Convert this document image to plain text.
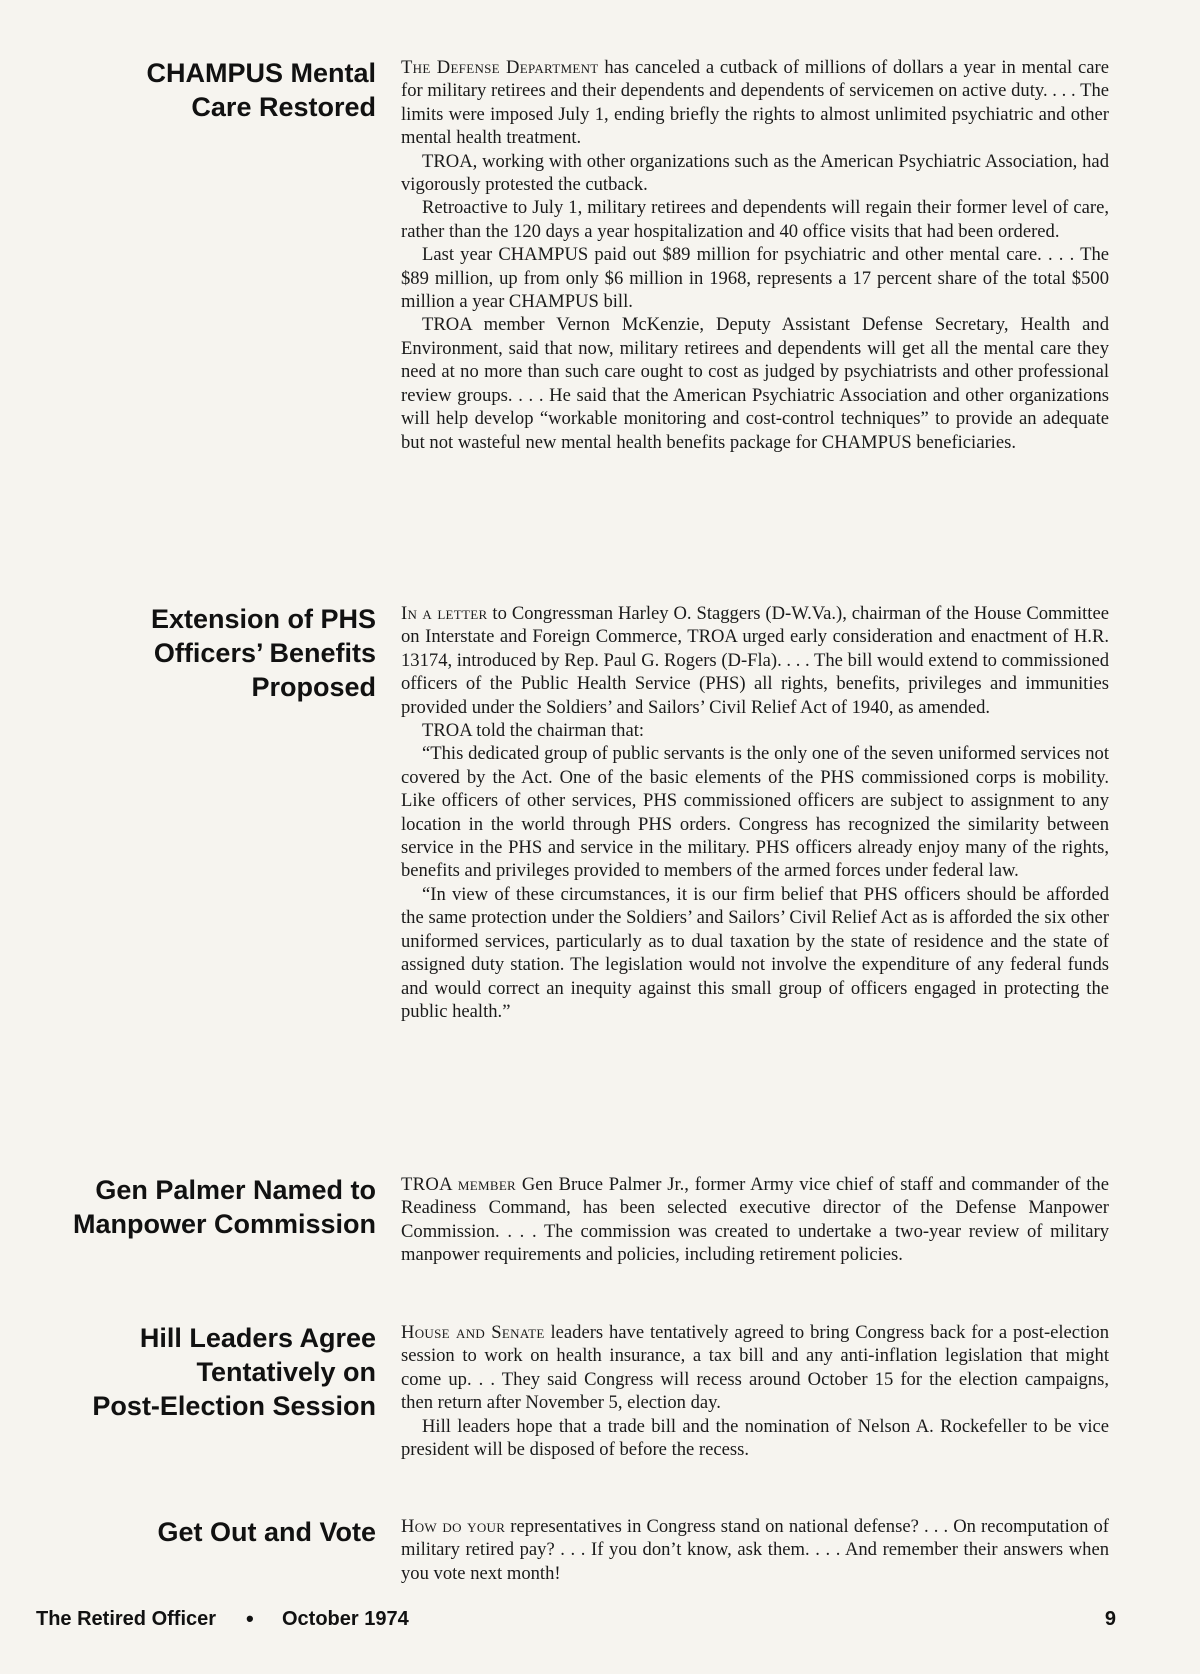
CHAMPUS Mental
Care Restored

The Defense Department has canceled a cutback of millions of dollars a year in mental care for military retirees and their dependents and dependents of servicemen on active duty. . . . The limits were imposed July 1, ending briefly the rights to almost unlimited psychiatric and other mental health treatment.

TROA, working with other organizations such as the American Psychiatric Association, had vigorously protested the cutback.

Retroactive to July 1, military retirees and dependents will regain their former level of care, rather than the 120 days a year hospitalization and 40 office visits that had been ordered.

Last year CHAMPUS paid out $89 million for psychiatric and other mental care. . . . The $89 million, up from only $6 million in 1968, represents a 17 percent share of the total $500 million a year CHAMPUS bill.

TROA member Vernon McKenzie, Deputy Assistant Defense Secretary, Health and Environment, said that now, military retirees and dependents will get all the mental care they need at no more than such care ought to cost as judged by psychiatrists and other professional review groups. . . . He said that the American Psychiatric Association and other organizations will help develop “workable monitoring and cost-control techniques” to provide an adequate but not wasteful new mental health benefits package for CHAMPUS beneficiaries.

Extension of PHS
Officers’ Benefits
Proposed

In a letter to Congressman Harley O. Staggers (D-W.Va.), chairman of the House Committee on Interstate and Foreign Commerce, TROA urged early consideration and enactment of H.R. 13174, introduced by Rep. Paul G. Rogers (D-Fla). . . . The bill would extend to commissioned officers of the Public Health Service (PHS) all rights, benefits, privileges and immunities provided under the Soldiers’ and Sailors’ Civil Relief Act of 1940, as amended.

TROA told the chairman that:

“This dedicated group of public servants is the only one of the seven uniformed services not covered by the Act. One of the basic elements of the PHS commissioned corps is mobility. Like officers of other services, PHS commissioned officers are subject to assignment to any location in the world through PHS orders. Congress has recognized the similarity between service in the PHS and service in the military. PHS officers already enjoy many of the rights, benefits and privileges provided to members of the armed forces under federal law.

“In view of these circumstances, it is our firm belief that PHS officers should be afforded the same protection under the Soldiers’ and Sailors’ Civil Relief Act as is afforded the six other uniformed services, particularly as to dual taxation by the state of residence and the state of assigned duty station. The legislation would not involve the expenditure of any federal funds and would correct an inequity against this small group of officers engaged in protecting the public health.”

Gen Palmer Named to
Manpower Commission

TROA member Gen Bruce Palmer Jr., former Army vice chief of staff and commander of the Readiness Command, has been selected executive director of the Defense Manpower Commission. . . . The commission was created to undertake a two-year review of military manpower requirements and policies, including retirement policies.

Hill Leaders Agree
Tentatively on
Post-Election Session

House and Senate leaders have tentatively agreed to bring Congress back for a post-election session to work on health insurance, a tax bill and any anti-inflation legislation that might come up. . . They said Congress will recess around October 15 for the election campaigns, then return after November 5, election day.

Hill leaders hope that a trade bill and the nomination of Nelson A. Rockefeller to be vice president will be disposed of before the recess.

Get Out and Vote How do your representatives in Congress stand on national defense? . . . On recomputation of military retired pay? . . . If you don’t know, ask them. . . . And remember their answers when you vote next month!

The Retired Officer • October 1974	9
